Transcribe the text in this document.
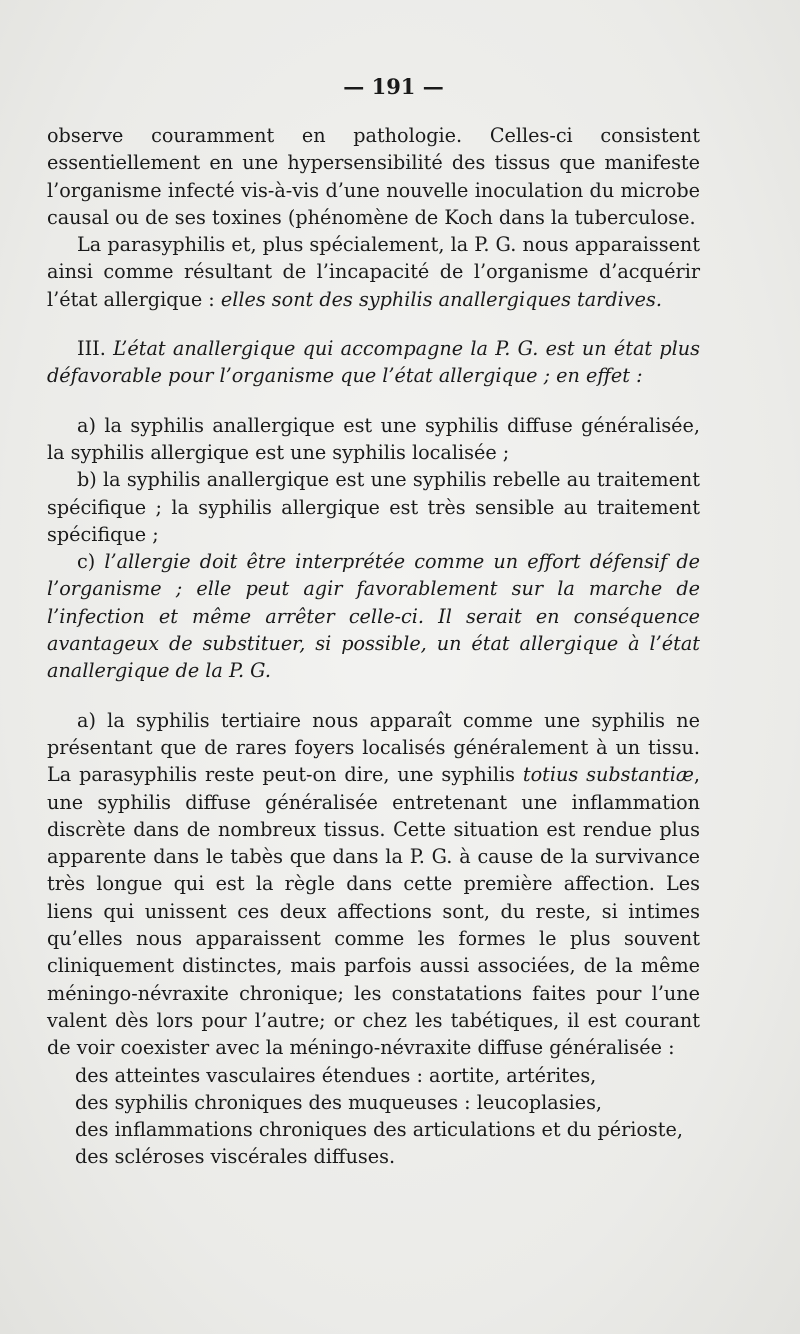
— 191 —

observe couramment en pathologie. Celles-ci consistent essentiellement en une hypersensibilité des tissus que manifeste l’organisme infecté vis-à-vis d’une nouvelle inoculation du microbe causal ou de ses toxines (phénomène de Koch dans la tuberculose.

La parasyphilis et, plus spécialement, la P. G. nous apparaissent ainsi comme résultant de l’incapacité de l’organisme d’acquérir l’état allergique : elles sont des syphilis anallergiques tardives.

III. L’état anallergique qui accompagne la P. G. est un état plus défavorable pour l’organisme que l’état allergique ; en effet :

a) la syphilis anallergique est une syphilis diffuse généralisée, la syphilis allergique est une syphilis localisée ;

b) la syphilis anallergique est une syphilis rebelle au traitement spécifique ; la syphilis allergique est très sensible au traitement spécifique ;

c) l’allergie doit être interprétée comme un effort défensif de l’organisme ; elle peut agir favorablement sur la marche de l’infection et même arrêter celle-ci. Il serait en conséquence avantageux de substituer, si possible, un état allergique à l’état anallergique de la P. G.

a) la syphilis tertiaire nous apparaît comme une syphilis ne présentant que de rares foyers localisés généralement à un tissu. La parasyphilis reste peut-on dire, une syphilis totius substantiæ, une syphilis diffuse généralisée entretenant une inflammation discrète dans de nombreux tissus. Cette situation est rendue plus apparente dans le tabès que dans la P. G. à cause de la survivance très longue qui est la règle dans cette première affection. Les liens qui unissent ces deux affections sont, du reste, si intimes qu’elles nous apparaissent comme les formes le plus souvent cliniquement distinctes, mais parfois aussi associées, de la même méningo-névraxite chronique; les constatations faites pour l’une valent dès lors pour l’autre; or chez les tabétiques, il est courant de voir coexister avec la méningo-névraxite diffuse généralisée :

des atteintes vasculaires étendues : aortite, artérites,

des syphilis chroniques des muqueuses : leucoplasies,

des inflammations chroniques des articulations et du périoste,

des scléroses viscérales diffuses.
